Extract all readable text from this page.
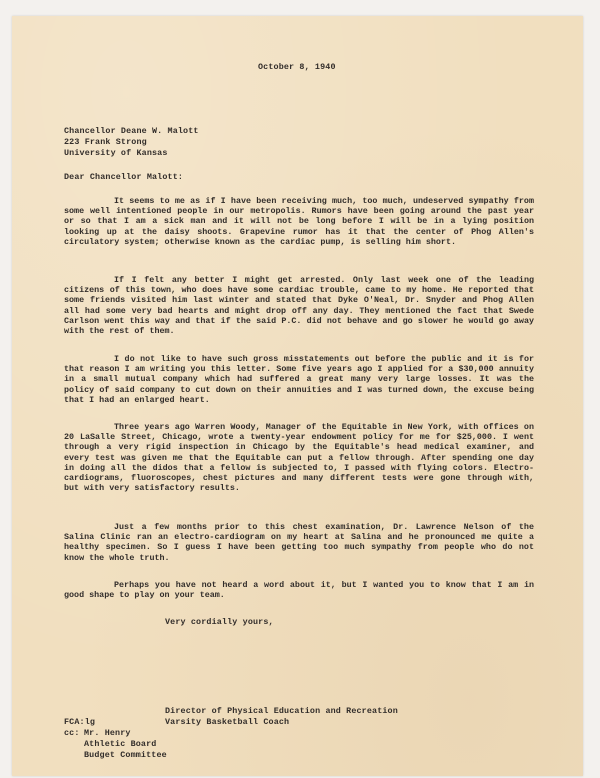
October 8, 1940
Chancellor Deane W. Malott
223 Frank Strong
University of Kansas
Dear Chancellor Malott:

It seems to me as if I have been receiving much, too much, undeserved sympathy from some well intentioned people in our metropolis. Rumors have been going around the past year or so that I am a sick man and it will not be long before I will be in a lying position looking up at the daisy shoots. Grapevine rumor has it that the center of Phog Allen's circulatory system; otherwise known as the cardiac pump, is selling him short.

If I felt any better I might get arrested. Only last week one of the leading citizens of this town, who does have some cardiac trouble, came to my home. He reported that some friends visited him last winter and stated that Dyke O'Neal, Dr. Snyder and Phog Allen all had some very bad hearts and might drop off any day. They mentioned the fact that Swede Carlson went this way and that if the said P.C. did not behave and go slower he would go away with the rest of them.

I do not like to have such gross misstatements out before the public and it is for that reason I am writing you this letter. Some five years ago I applied for a $30,000 annuity in a small mutual company which had suffered a great many very large losses. It was the policy of said company to cut down on their annuities and I was turned down, the excuse being that I had an enlarged heart.

Three years ago Warren Woody, Manager of the Equitable in New York, with offices on 20 LaSalle Street, Chicago, wrote a twenty-year endowment policy for me for $25,000. I went through a very rigid inspection in Chicago by the Equitable's head medical examiner, and every test was given me that the Equitable can put a fellow through. After spending one day in doing all the didos that a fellow is subjected to, I passed with flying colors. Electro-cardiograms, fluoroscopes, chest pictures and many different tests were gone through with, but with very satisfactory results.

Just a few months prior to this chest examination, Dr. Lawrence Nelson of the Salina Clinic ran an electro-cardiogram on my heart at Salina and he pronounced me quite a healthy specimen. So I guess I have been getting too much sympathy from people who do not know the whole truth.

Perhaps you have not heard a word about it, but I wanted you to know that I am in good shape to play on your team.

Very cordially yours,
Director of Physical Education and Recreation
Varsity Basketball Coach
FCA:lg
cc: Mr. Henry
Athletic Board
Budget Committee
